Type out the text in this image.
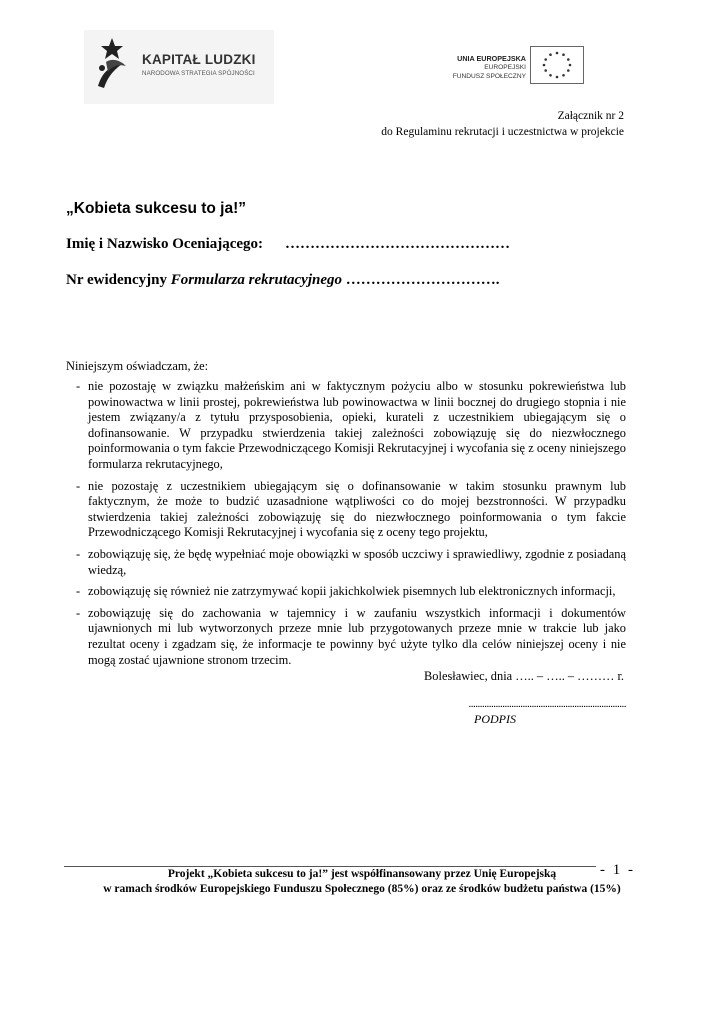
KAPITAŁ LUDZKI
NARODOWA STRATEGIA SPÓJNOŚCI
UNIA EUROPEJSKA
EUROPEJSKI
FUNDUSZ SPOŁECZNY
Załącznik nr 2
do Regulaminu rekrutacji i uczestnictwa w projekcie
„Kobieta sukcesu to ja!”
Imię i Nazwisko Oceniającego: ………………………………………
Nr ewidencyjny Formularza rekrutacyjnego ………………………….
Niniejszym oświadczam, że:
- nie pozostaję w związku małżeńskim ani w faktycznym pożyciu albo w stosunku pokrewieństwa lub powinowactwa w linii prostej, pokrewieństwa lub powinowactwa w linii bocznej do drugiego stopnia i nie jestem związany/a z tytułu przysposobienia, opieki, kurateli z uczestnikiem ubiegającym się o dofinansowanie. W przypadku stwierdzenia takiej zależności zobowiązuję się do niezwłocznego poinformowania o tym fakcie Przewodniczącego Komisji Rekrutacyjnej i wycofania się z oceny niniejszego formularza rekrutacyjnego,
- nie pozostaję z uczestnikiem ubiegającym się o dofinansowanie w takim stosunku prawnym lub faktycznym, że może to budzić uzasadnione wątpliwości co do mojej bezstronności. W przypadku stwierdzenia takiej zależności zobowiązuję się do niezwłocznego poinformowania o tym fakcie Przewodniczącego Komisji Rekrutacyjnej i wycofania się z oceny tego projektu,
- zobowiązuję się, że będę wypełniać moje obowiązki w sposób uczciwy i sprawiedliwy, zgodnie z posiadaną wiedzą,
- zobowiązuję się również nie zatrzymywać kopii jakichkolwiek pisemnych lub elektronicznych informacji,
- zobowiązuję się do zachowania w tajemnicy i w zaufaniu wszystkich informacji i dokumentów ujawnionych mi lub wytworzonych przeze mnie lub przygotowanych przeze mnie w trakcie lub jako rezultat oceny i zgadzam się, że informacje te powinny być użyte tylko dla celów niniejszej oceny i nie mogą zostać ujawnione stronom trzecim.
Bolesławiec, dnia ….. – ….. – ……… r.
......................................................................
PODPIS
- 1 -
Projekt „Kobieta sukcesu to ja!” jest współfinansowany przez Unię Europejską
w ramach środków Europejskiego Funduszu Społecznego (85%) oraz ze środków budżetu państwa (15%)
